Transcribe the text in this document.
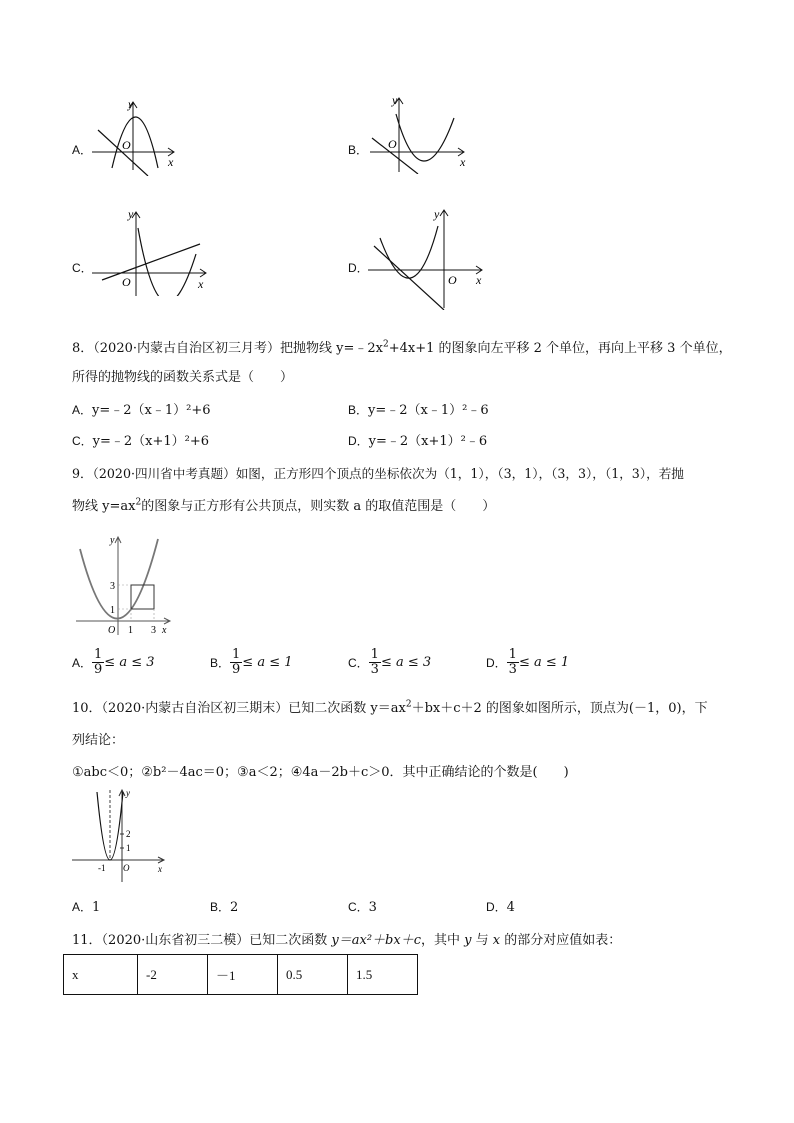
A．
y
x
O	B．
y
x
O
C．
y
x
O
D．
y
x
O
8．（2020·内蒙古自治区初三月考）把抛物线 $y=﹣2x^2+4x+1$ 的图象向左平移 2 个单位，再向上平移 3 个单位，
所得的抛物线的函数关系式是（　　）
A．y=﹣2（x﹣1）²+6	B．y=﹣2（x﹣1）²﹣6
C．y=﹣2（x+1）²+6	D．y=﹣2（x+1）²﹣6
9．（2020·四川省中考真题）如图，正方形四个顶点的坐标依次为（1，1），（3，1），（3，3），（1，3），若抛
物线 $y=ax^2$的图象与正方形有公共顶点，则实数 a 的取值范围是（　　）
y
x
O
3
1
1 3
A． $\frac{1}{9} \le a \le 3$	B． $\frac{1}{9} \le a \le 1$	C． $\frac{1}{3} \le a \le 3$	D． $\frac{1}{3} \le a \le 1$
10．（2020·内蒙古自治区初三期末）已知二次函数 $y=ax^2+bx+c+2$ 的图象如图所示，顶点为(－1，0)，下
列结论：
①abc＜0；②b²－4ac＝0；③a＜2；④4a－2b＋c＞0．其中正确结论的个数是(　　)
y
x
O
2
1
-1
A．1	B．2	C．3	D．4
11．（2020·山东省初三二模）已知二次函数 y＝ax²＋bx＋c，其中 y 与 x 的部分对应值如表：
x	-2	－1	0.5	1.5
